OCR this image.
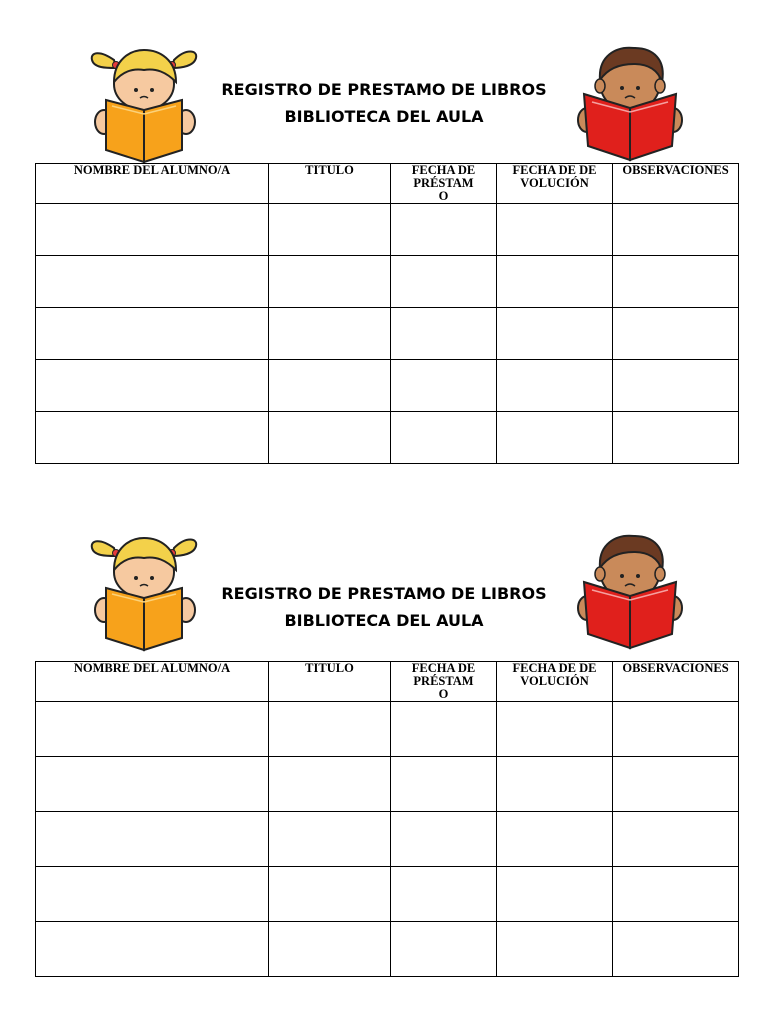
REGISTRO DE PRESTAMO DE LIBROS
BIBLIOTECA DEL AULA
NOMBRE DEL ALUMNO/A	TITULO	FECHA DE PRÉSTAMO	FECHA DE DEVOLUCIÓN	OBSERVACIONES

REGISTRO DE PRESTAMO DE LIBROS
BIBLIOTECA DEL AULA
NOMBRE DEL ALUMNO/A	TITULO	FECHA DE PRÉSTAMO	FECHA DE DEVOLUCIÓN	OBSERVACIONES
